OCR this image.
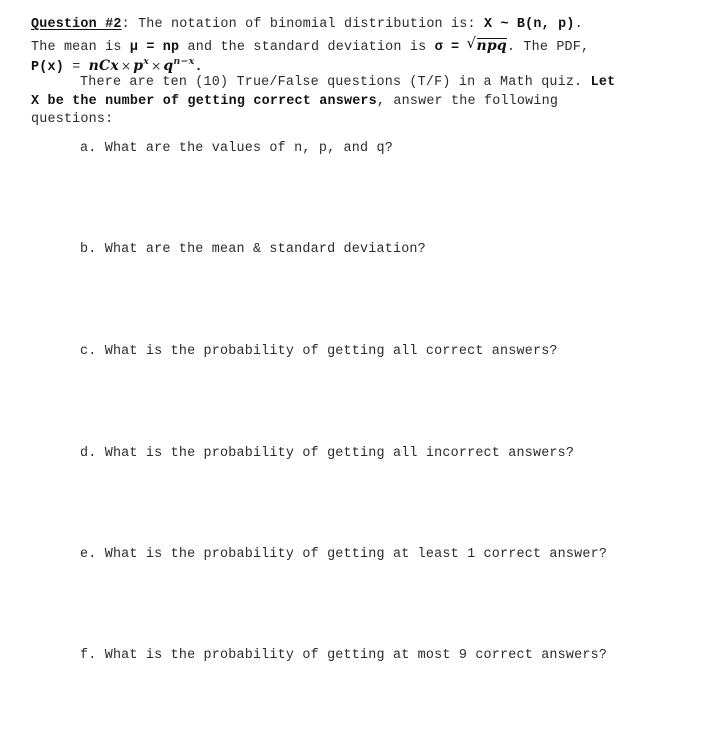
Question #2: The notation of binomial distribution is: X ~ B(n, p).
The mean is μ = np and the standard deviation is σ = √ npq. The PDF,
P(x) = nCx × $p^x \times q^{n-x}$.
There are ten (10) True/False questions (T/F) in a Math quiz. Let
X be the number of getting correct answers, answer the following
questions:
a. What are the values of n, p, and q?
b. What are the mean & standard deviation?
c. What is the probability of getting all correct answers?
d. What is the probability of getting all incorrect answers?
e. What is the probability of getting at least 1 correct answer?
f. What is the probability of getting at most 9 correct answers?
